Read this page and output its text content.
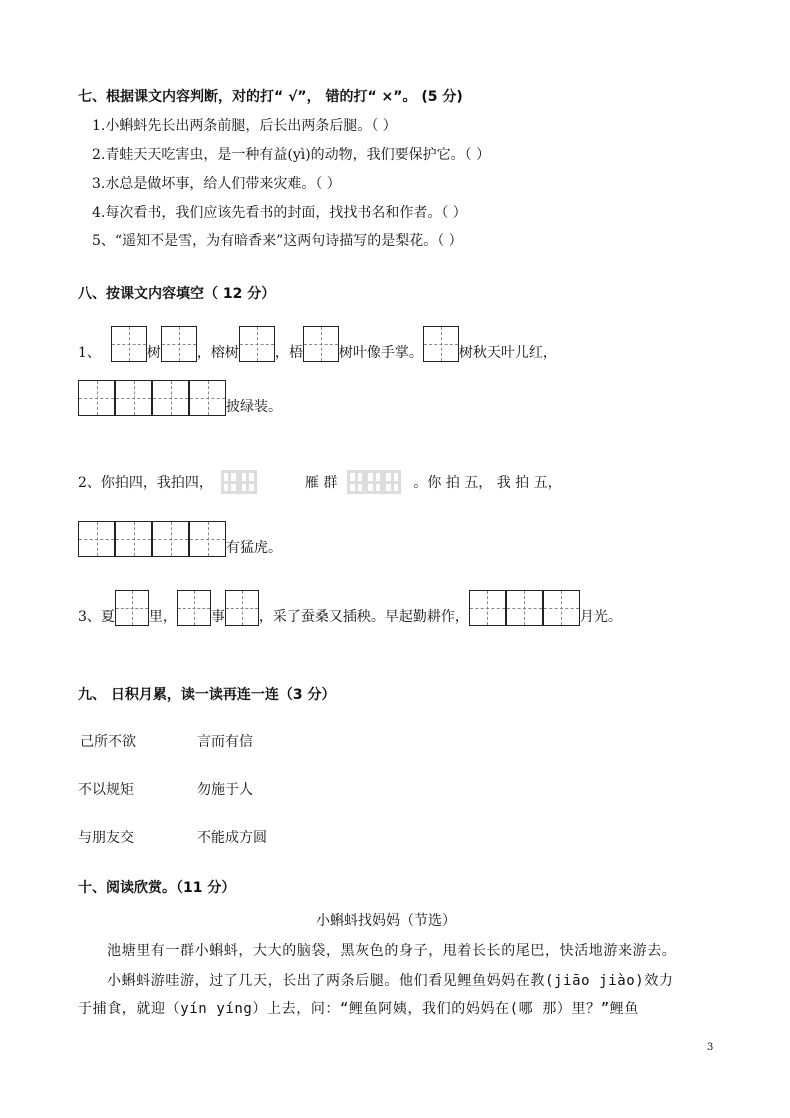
七、根据课文内容判断，对的打“ √”， 错的打“ ×”。 (5 分)
1.小蝌蚪先长出两条前腿，后长出两条后腿。（ ）
2.青蛙天天吃害虫，是一种有益(yì)的动物，我们要保护它。（ ）
3.水总是做坏事，给人们带来灾难。（ ）
4.每次看书，我们应该先看书的封面，找找书名和作者。（ ）
5、“遥知不是雪，为有暗香来”这两句诗描写的是梨花。（ ）
八、按课文内容填空（ 12 分）
1、	树	，榕树	，梧	树叶像手掌。	树秋天叶儿红，
披绿装。
2、你拍四，我拍四，	雁 群	。你 拍 五， 我 拍 五，
有猛虎。
3、夏 里， 事 ，采了蚕桑又插秧。早起勤耕作，	月光。
九、 日积月累，读一读再连一连（3 分）
己所不欲	言而有信
不以规矩	勿施于人
与朋友交	不能成方圆
十、阅读欣赏。（11 分）
小蝌蚪找妈妈（节选）
池塘里有一群小蝌蚪，大大的脑袋，黑灰色的身子，甩着长长的尾巴，快活地游来游去。
小蝌蚪游哇游，过了几天，长出了两条后腿。他们看见鲤鱼妈妈在教(jiāo jiào)效力
于捕食，就迎（yín yíng）上去，问：“鲤鱼阿姨，我们的妈妈在(哪 那）里？”鲤鱼
3
